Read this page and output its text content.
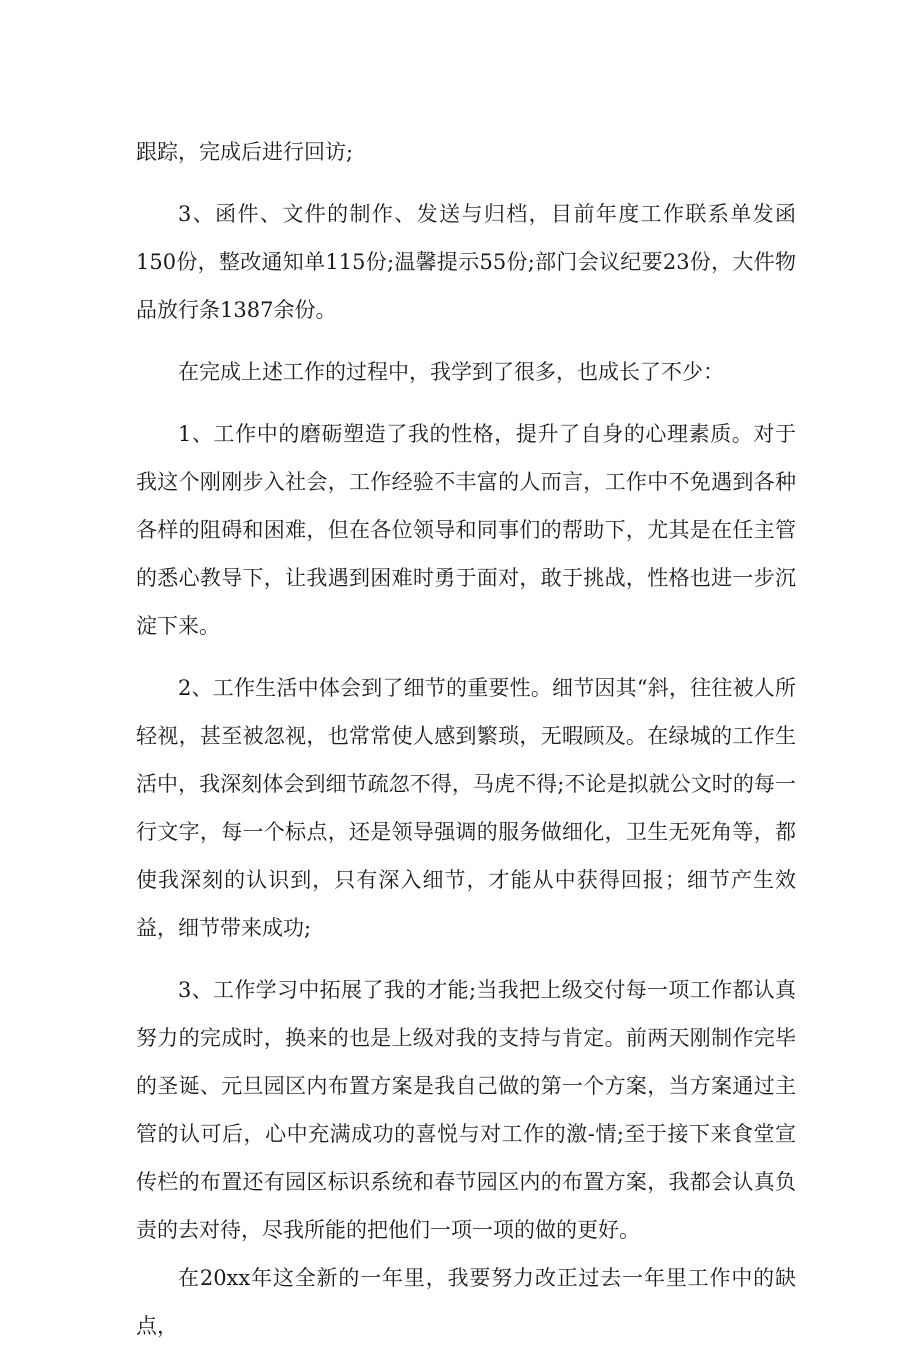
跟踪，完成后进行回访;

3、函件、文件的制作、发送与归档，目前年度工作联系单发函150份，整改通知单115份;温馨提示55份;部门会议纪要23份，大件物品放行条1387余份。

在完成上述工作的过程中，我学到了很多，也成长了不少：

1、工作中的磨砺塑造了我的性格，提升了自身的心理素质。对于我这个刚刚步入社会，工作经验不丰富的人而言，工作中不免遇到各种各样的阻碍和困难，但在各位领导和同事们的帮助下，尤其是在任主管的悉心教导下，让我遇到困难时勇于面对，敢于挑战，性格也进一步沉淀下来。

2、工作生活中体会到了细节的重要性。细节因其“斜，往往被人所轻视，甚至被忽视，也常常使人感到繁琐，无暇顾及。在绿城的工作生活中，我深刻体会到细节疏忽不得，马虎不得;不论是拟就公文时的每一行文字，每一个标点，还是领导强调的服务做细化，卫生无死角等，都使我深刻的认识到，只有深入细节，才能从中获得回报；细节产生效益，细节带来成功;

3、工作学习中拓展了我的才能;当我把上级交付每一项工作都认真努力的完成时，换来的也是上级对我的支持与肯定。前两天刚制作完毕的圣诞、元旦园区内布置方案是我自己做的第一个方案，当方案通过主管的认可后，心中充满成功的喜悦与对工作的激-情;至于接下来食堂宣传栏的布置还有园区标识系统和春节园区内的布置方案，我都会认真负责的去对待，尽我所能的把他们一项一项的做的更好。

在20xx年这全新的一年里，我要努力改正过去一年里工作中的缺点，
